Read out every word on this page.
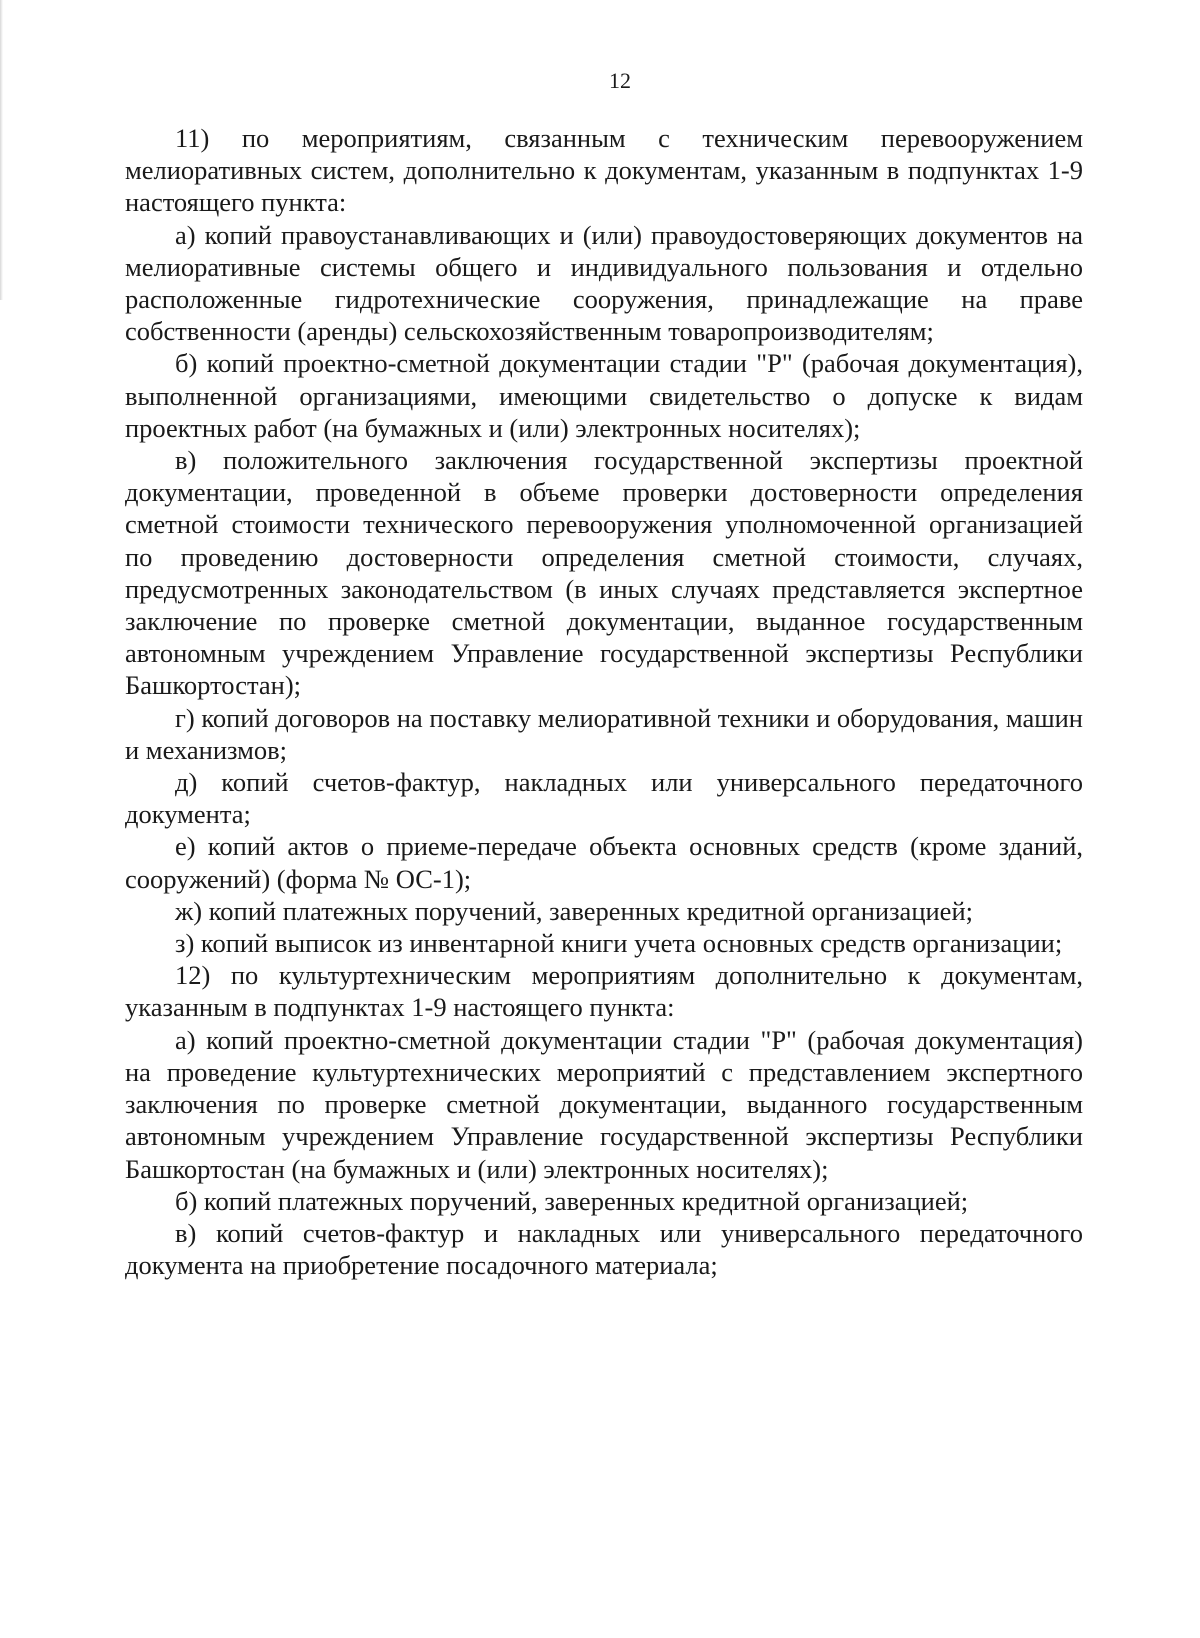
12

11) по мероприятиям, связанным с техническим перевооружением мелиоративных систем, дополнительно к документам, указанным в подпунктах 1-9 настоящего пункта:

а) копий правоустанавливающих и (или) правоудостоверяющих документов на мелиоративные системы общего и индивидуального пользования и отдельно расположенные гидротехнические сооружения, принадлежащие на праве собственности (аренды) сельскохозяйственным товаропроизводителям;

б) копий проектно-сметной документации стадии "Р" (рабочая документация), выполненной организациями, имеющими свидетельство о допуске к видам проектных работ (на бумажных и (или) электронных носителях);

в) положительного заключения государственной экспертизы проектной документации, проведенной в объеме проверки достоверности определения сметной стоимости технического перевооружения уполномоченной организацией по проведению достоверности определения сметной стоимости, случаях, предусмотренных законодательством (в иных случаях представляется экспертное заключение по проверке сметной документации, выданное государственным автономным учреждением Управление государственной экспертизы Республики Башкортостан);

г) копий договоров на поставку мелиоративной техники и оборудования, машин и механизмов;

д) копий счетов-фактур, накладных или универсального передаточного документа;

е) копий актов о приеме-передаче объекта основных средств (кроме зданий, сооружений) (форма № ОС-1);

ж) копий платежных поручений, заверенных кредитной организацией;

з) копий выписок из инвентарной книги учета основных средств организации;

12) по культуртехническим мероприятиям дополнительно к документам, указанным в подпунктах 1-9 настоящего пункта:

а) копий проектно-сметной документации стадии "Р" (рабочая документация) на проведение культуртехнических мероприятий с представлением экспертного заключения по проверке сметной документации, выданного государственным автономным учреждением Управление государственной экспертизы Республики Башкортостан (на бумажных и (или) электронных носителях);

б) копий платежных поручений, заверенных кредитной организацией;

в) копий счетов-фактур и накладных или универсального передаточного документа на приобретение посадочного материала;
